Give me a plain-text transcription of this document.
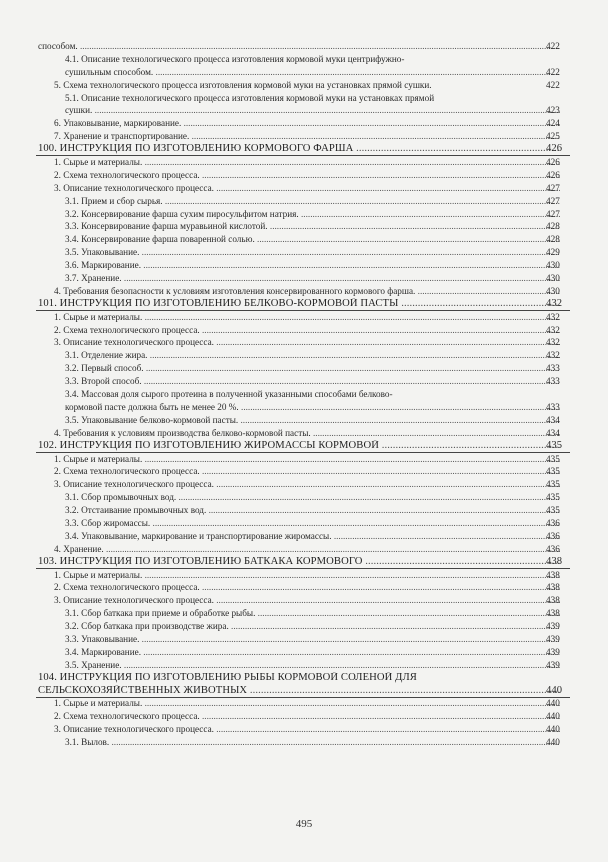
способом. .....	422
4.1. Описание технологического процесса изготовления кормовой муки центрифужно-
сушильным способом. .....	422
5. Схема технологического процесса изготовления кормовой муки на установках прямой сушки.	422
5.1. Описание технологического процесса изготовления кормовой муки на установках прямой
сушки. .....	423
6. Упаковывание, маркирование. .....	424
7. Хранение и транспортирование. .....	425
100. ИНСТРУКЦИЯ ПО ИЗГОТОВЛЕНИЮ КОРМОВОГО ФАРША .....	426
1. Сырье и материалы. .....	426
2. Схема технологического процесса. .....	426
3. Описание технологического процесса. .....	427
3.1. Прием и сбор сырья. .....	427
3.2. Консервирование фарша сухим пиросульфитом натрия. .....	427
3.3. Консервирование фарша муравьиной кислотой. .....	428
3.4. Консервирование фарша поваренной солью. .....	428
3.5. Упаковывание. .....	429
3.6. Маркирование. .....	430
3.7. Хранение. .....	430
4. Требования безопасности к условиям изготовления консервированного кормового фарша. .....	430
101. ИНСТРУКЦИЯ ПО ИЗГОТОВЛЕНИЮ БЕЛКОВО-КОРМОВОЙ ПАСТЫ .....	432
1. Сырье и материалы. .....	432
2. Схема технологического процесса. .....	432
3. Описание технологического процесса. .....	432
3.1. Отделение жира. .....	432
3.2. Первый способ. .....	433
3.3. Второй способ. .....	433
3.4. Массовая доля сырого протеина в полученной указанными способами белково-
кормовой пасте должна быть не менее 20 %. .....	433
3.5. Упаковывание белково-кормовой пасты. .....	434
4. Требования к условиям производства белково-кормовой пасты. .....	434
102. ИНСТРУКЦИЯ ПО ИЗГОТОВЛЕНИЮ ЖИРОМАССЫ КОРМОВОЙ .....	435
1. Сырье и материалы. .....	435
2. Схема технологического процесса. .....	435
3. Описание технологического процесса. .....	435
3.1. Сбор промывочных вод. .....	435
3.2. Отстаивание промывочных вод. .....	435
3.3. Сбор жиромассы. .....	436
3.4. Упаковывание, маркирование и транспортирование жиромассы. .....	436
4. Хранение. .....	436
103. ИНСТРУКЦИЯ ПО ИЗГОТОВЛЕНИЮ БАТКАКА КОРМОВОГО .....	438
1. Сырье и материалы. .....	438
2. Схема технологического процесса. .....	438
3. Описание технологического процесса. .....	438
3.1. Сбор баткака при приеме и обработке рыбы. .....	438
3.2. Сбор баткака при производстве жира. .....	439
3.3. Упаковывание. .....	439
3.4. Маркирование. .....	439
3.5. Хранение. .....	439
104. ИНСТРУКЦИЯ ПО ИЗГОТОВЛЕНИЮ РЫБЫ КОРМОВОЙ СОЛЕНОЙ ДЛЯ
СЕЛЬСКОХОЗЯЙСТВЕННЫХ ЖИВОТНЫХ .....	440
1. Сырье и материалы. .....	440
2. Схема технологического процесса. .....	440
3. Описание технологического процесса. .....	440
3.1. Вылов. .....	440
495
